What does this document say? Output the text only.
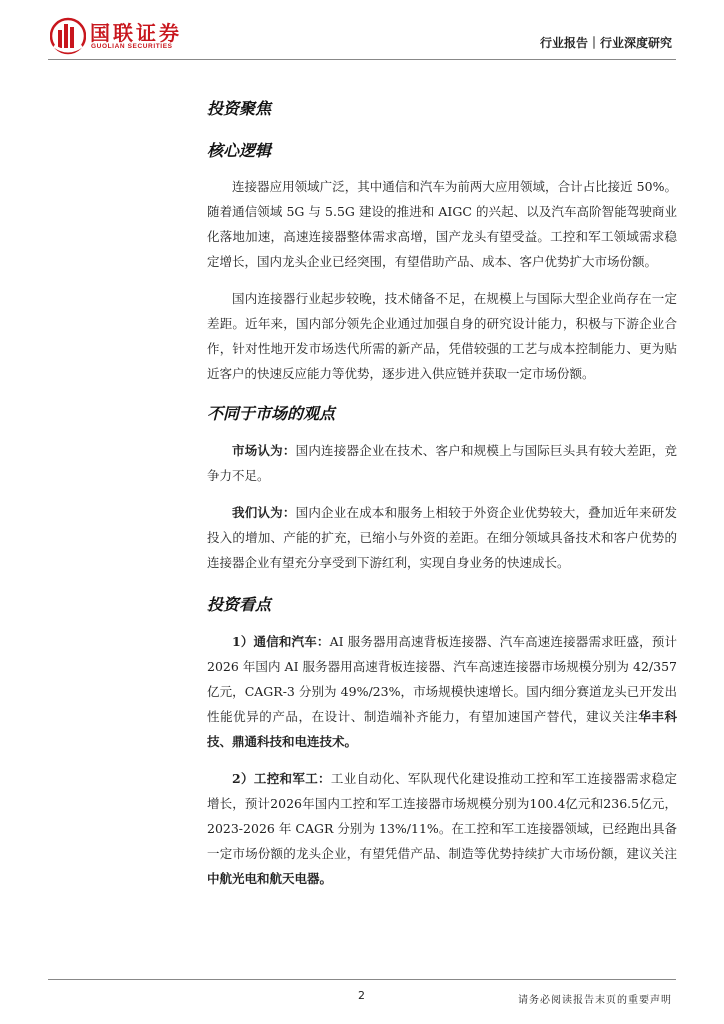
国联证券
GUOLIAN SECURITIES	行业报告｜行业深度研究
投资聚焦
核心逻辑

连接器应用领域广泛，其中通信和汽车为前两大应用领域，合计占比接近 50%。随着通信领域 5G 与 5.5G 建设的推进和 AIGC 的兴起、以及汽车高阶智能驾驶商业化落地加速，高速连接器整体需求高增，国产龙头有望受益。工控和军工领域需求稳定增长，国内龙头企业已经突围，有望借助产品、成本、客户优势扩大市场份额。

国内连接器行业起步较晚，技术储备不足，在规模上与国际大型企业尚存在一定差距。近年来，国内部分领先企业通过加强自身的研究设计能力，积极与下游企业合作，针对性地开发市场迭代所需的新产品，凭借较强的工艺与成本控制能力、更为贴近客户的快速反应能力等优势，逐步进入供应链并获取一定市场份额。

不同于市场的观点

市场认为：国内连接器企业在技术、客户和规模上与国际巨头具有较大差距，竞争力不足。

我们认为：国内企业在成本和服务上相较于外资企业优势较大，叠加近年来研发投入的增加、产能的扩充，已缩小与外资的差距。在细分领域具备技术和客户优势的连接器企业有望充分享受到下游红利，实现自身业务的快速成长。

投资看点

1）通信和汽车：AI 服务器用高速背板连接器、汽车高速连接器需求旺盛，预计 2026 年国内 AI 服务器用高速背板连接器、汽车高速连接器市场规模分别为 42/357 亿元，CAGR-3 分别为 49%/23%，市场规模快速增长。国内细分赛道龙头已开发出性能优异的产品，在设计、制造端补齐能力，有望加速国产替代，建议关注华丰科技、鼎通科技和电连技术。

2）工控和军工：工业自动化、军队现代化建设推动工控和军工连接器需求稳定增长，预计2026年国内工控和军工连接器市场规模分别为100.4亿元和236.5亿元，2023-2026 年 CAGR 分别为 13%/11%。在工控和军工连接器领域，已经跑出具备一定市场份额的龙头企业，有望凭借产品、制造等优势持续扩大市场份额，建议关注中航光电和航天电器。

2	请务必阅读报告末页的重要声明
